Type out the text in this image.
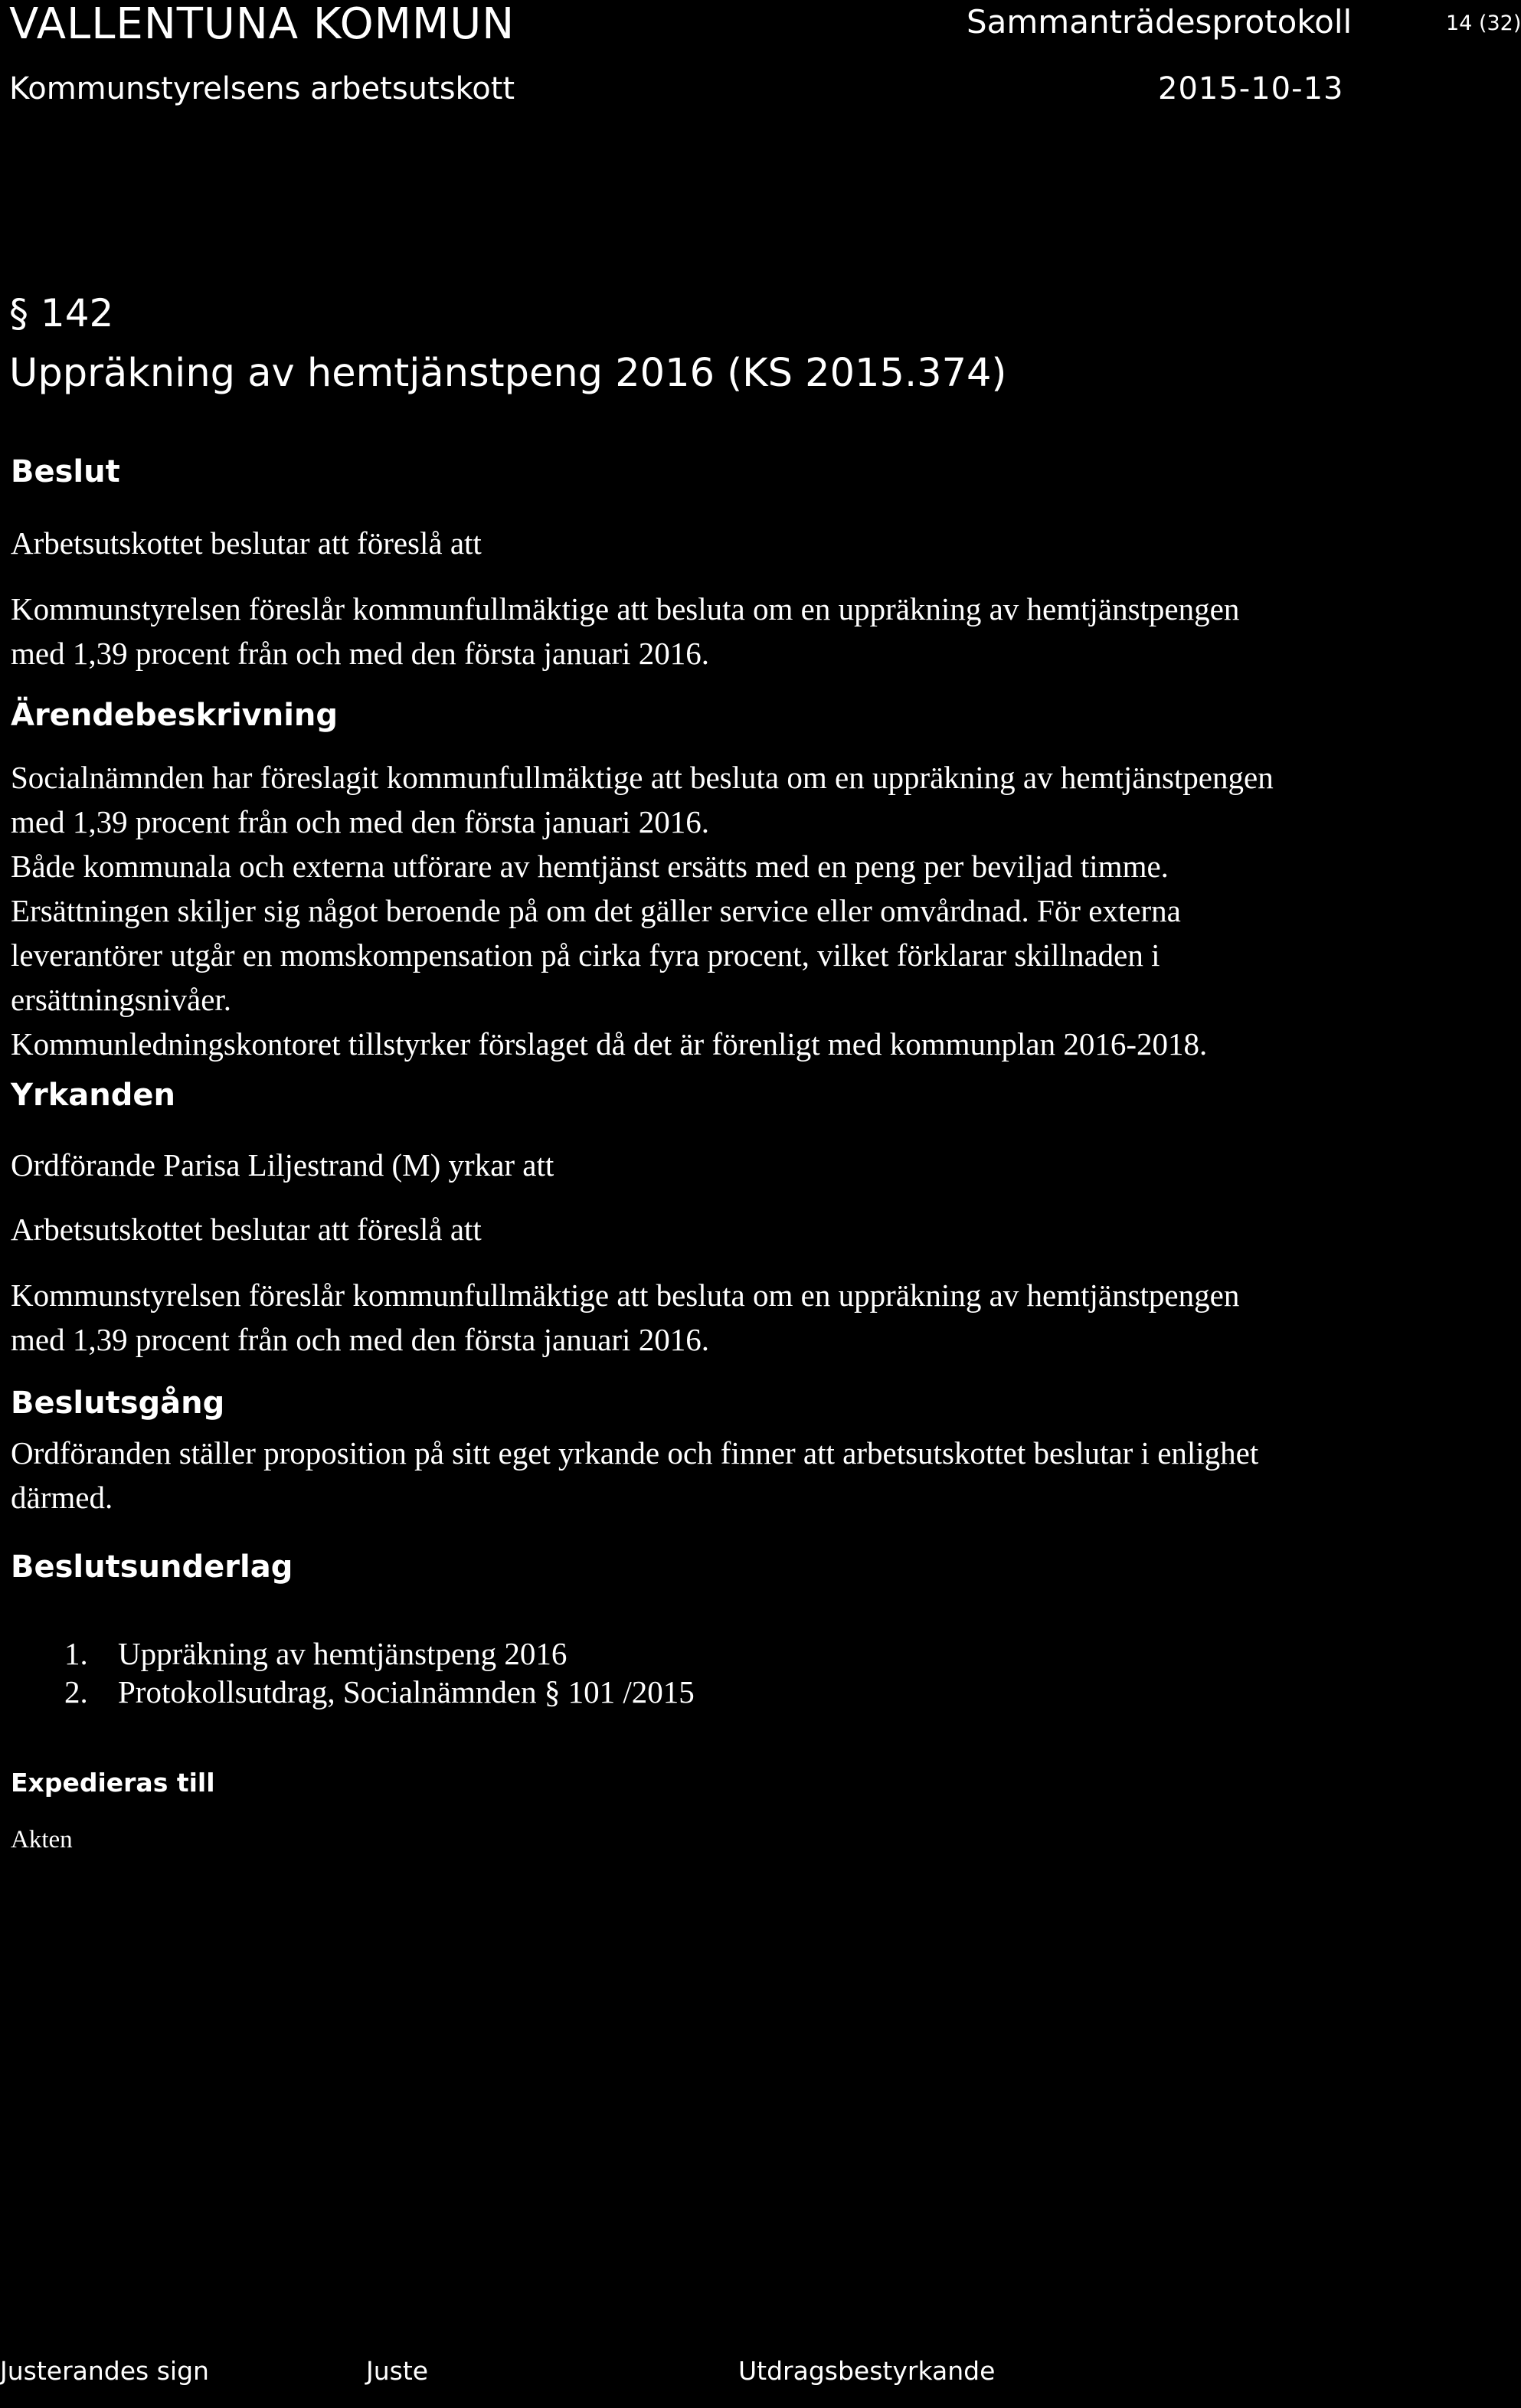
VALLENTUNA KOMMUN	Sammanträdesprotokoll	14 (32)
Kommunstyrelsens arbetsutskott	2015-10-13
§ 142
Uppräkning av hemtjänstpeng 2016 (KS 2015.374)
Beslut
Arbetsutskottet beslutar att föreslå att
Kommunstyrelsen föreslår kommunfullmäktige att besluta om en uppräkning av hemtjänstpengen
med 1,39 procent från och med den första januari 2016.
Ärendebeskrivning
Socialnämnden har föreslagit kommunfullmäktige att besluta om en uppräkning av hemtjänstpengen
med 1,39 procent från och med den första januari 2016.
Både kommunala och externa utförare av hemtjänst ersätts med en peng per beviljad timme.
Ersättningen skiljer sig något beroende på om det gäller service eller omvårdnad. För externa
leverantörer utgår en momskompensation på cirka fyra procent, vilket förklarar skillnaden i
ersättningsnivåer.
Kommunledningskontoret tillstyrker förslaget då det är förenligt med kommunplan 2016-2018.
Yrkanden
Ordförande Parisa Liljestrand (M) yrkar att
Arbetsutskottet beslutar att föreslå att
Kommunstyrelsen föreslår kommunfullmäktige att besluta om en uppräkning av hemtjänstpengen
med 1,39 procent från och med den första januari 2016.
Beslutsgång
Ordföranden ställer proposition på sitt eget yrkande och finner att arbetsutskottet beslutar i enlighet
därmed.
Beslutsunderlag
1. Uppräkning av hemtjänstpeng 2016
2. Protokollsutdrag, Socialnämnden § 101 /2015
Expedieras till
Akten
Justerandes sign	Juste	Utdragsbestyrkande
